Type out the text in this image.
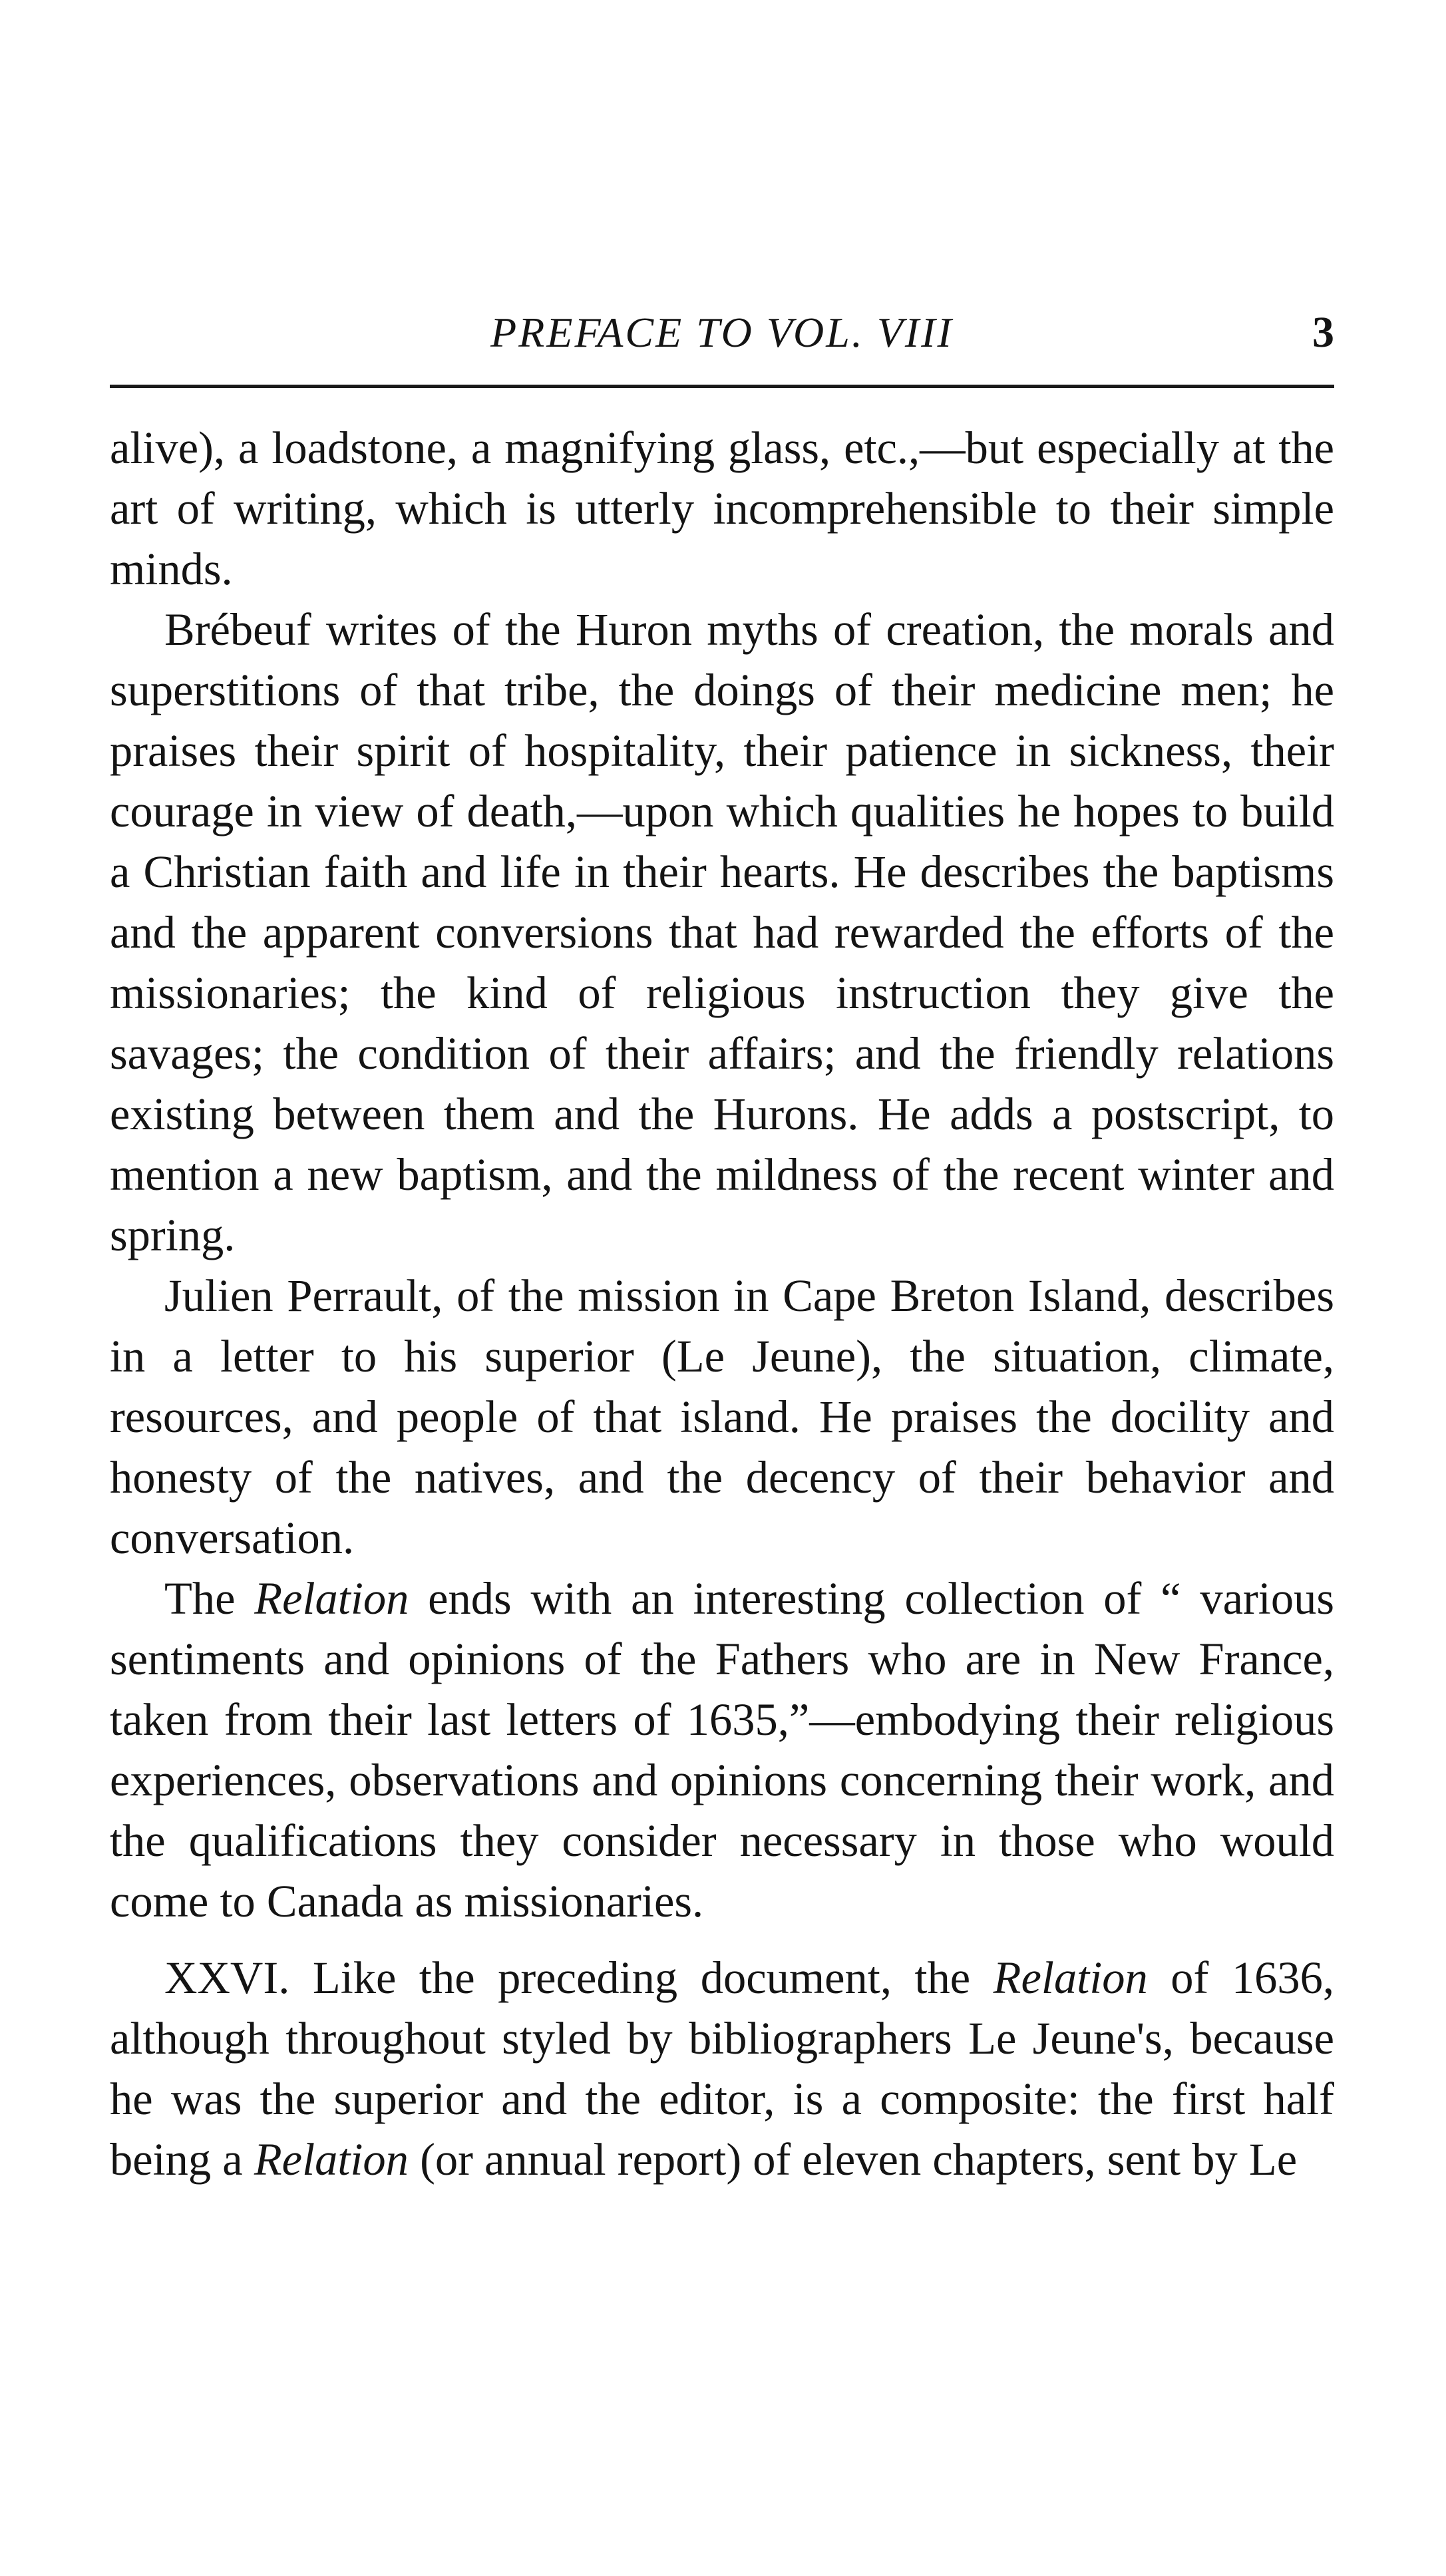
PREFACE TO VOL. VIII	3

alive), a loadstone, a magnifying glass, etc.,—but especially at the art of writing, which is utterly incomprehensible to their simple minds.

Brébeuf writes of the Huron myths of creation, the morals and superstitions of that tribe, the doings of their medicine men; he praises their spirit of hospitality, their patience in sickness, their courage in view of death,—upon which qualities he hopes to build a Christian faith and life in their hearts. He describes the baptisms and the apparent conversions that had rewarded the efforts of the missionaries; the kind of religious instruction they give the savages; the condition of their affairs; and the friendly relations existing between them and the Hurons. He adds a postscript, to mention a new baptism, and the mildness of the recent winter and spring.

Julien Perrault, of the mission in Cape Breton Island, describes in a letter to his superior (Le Jeune), the situation, climate, resources, and people of that island. He praises the docility and honesty of the natives, and the decency of their behavior and conversation.

The Relation ends with an interesting collection of “ various sentiments and opinions of the Fathers who are in New France, taken from their last letters of 1635,”—embodying their religious experiences, observations and opinions concerning their work, and the qualifications they consider necessary in those who would come to Canada as missionaries.

XXVI. Like the preceding document, the Relation of 1636, although throughout styled by bibliographers Le Jeune's, because he was the superior and the editor, is a composite: the first half being a Relation (or annual report) of eleven chapters, sent by Le
